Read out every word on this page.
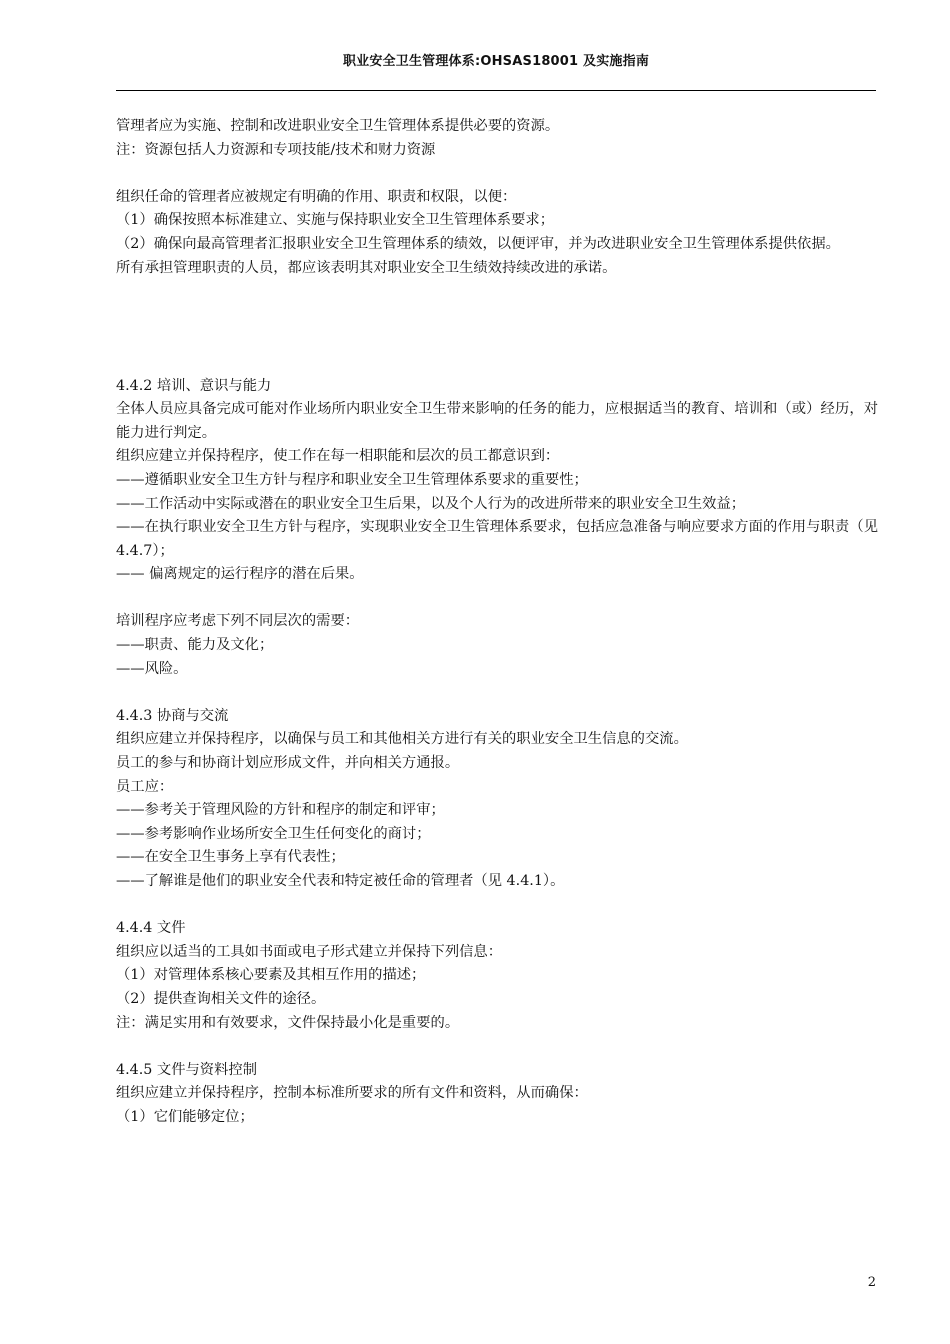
职业安全卫生管理体系:OHSAS18001 及实施指南

管理者应为实施、控制和改进职业安全卫生管理体系提供必要的资源。

注：资源包括人力资源和专项技能/技术和财力资源

组织任命的管理者应被规定有明确的作用、职责和权限，以便：

（1）确保按照本标准建立、实施与保持职业安全卫生管理体系要求；

（2）确保向最高管理者汇报职业安全卫生管理体系的绩效，以便评审，并为改进职业安全卫生管理体系提供依据。

所有承担管理职责的人员，都应该表明其对职业安全卫生绩效持续改进的承诺。

4.4.2 培训、意识与能力

全体人员应具备完成可能对作业场所内职业安全卫生带来影响的任务的能力，应根据适当的教育、培训和（或）经历，对能力进行判定。

组织应建立并保持程序，使工作在每一相职能和层次的员工都意识到：

——遵循职业安全卫生方针与程序和职业安全卫生管理体系要求的重要性；

——工作活动中实际或潜在的职业安全卫生后果，以及个人行为的改进所带来的职业安全卫生效益；

——在执行职业安全卫生方针与程序，实现职业安全卫生管理体系要求，包括应急准备与响应要求方面的作用与职责（见 4.4.7）；

—— 偏离规定的运行程序的潜在后果。

培训程序应考虑下列不同层次的需要：

——职责、能力及文化；

——风险。

4.4.3 协商与交流

组织应建立并保持程序，以确保与员工和其他相关方进行有关的职业安全卫生信息的交流。

员工的参与和协商计划应形成文件，并向相关方通报。

员工应：

——参考关于管理风险的方针和程序的制定和评审；

——参考影响作业场所安全卫生任何变化的商讨；

——在安全卫生事务上享有代表性；

——了解谁是他们的职业安全代表和特定被任命的管理者（见 4.4.1）。

4.4.4 文件

组织应以适当的工具如书面或电子形式建立并保持下列信息：

（1）对管理体系核心要素及其相互作用的描述；

（2）提供查询相关文件的途径。

注：满足实用和有效要求，文件保持最小化是重要的。

4.4.5 文件与资料控制

组织应建立并保持程序，控制本标准所要求的所有文件和资料，从而确保：

（1）它们能够定位；

2
